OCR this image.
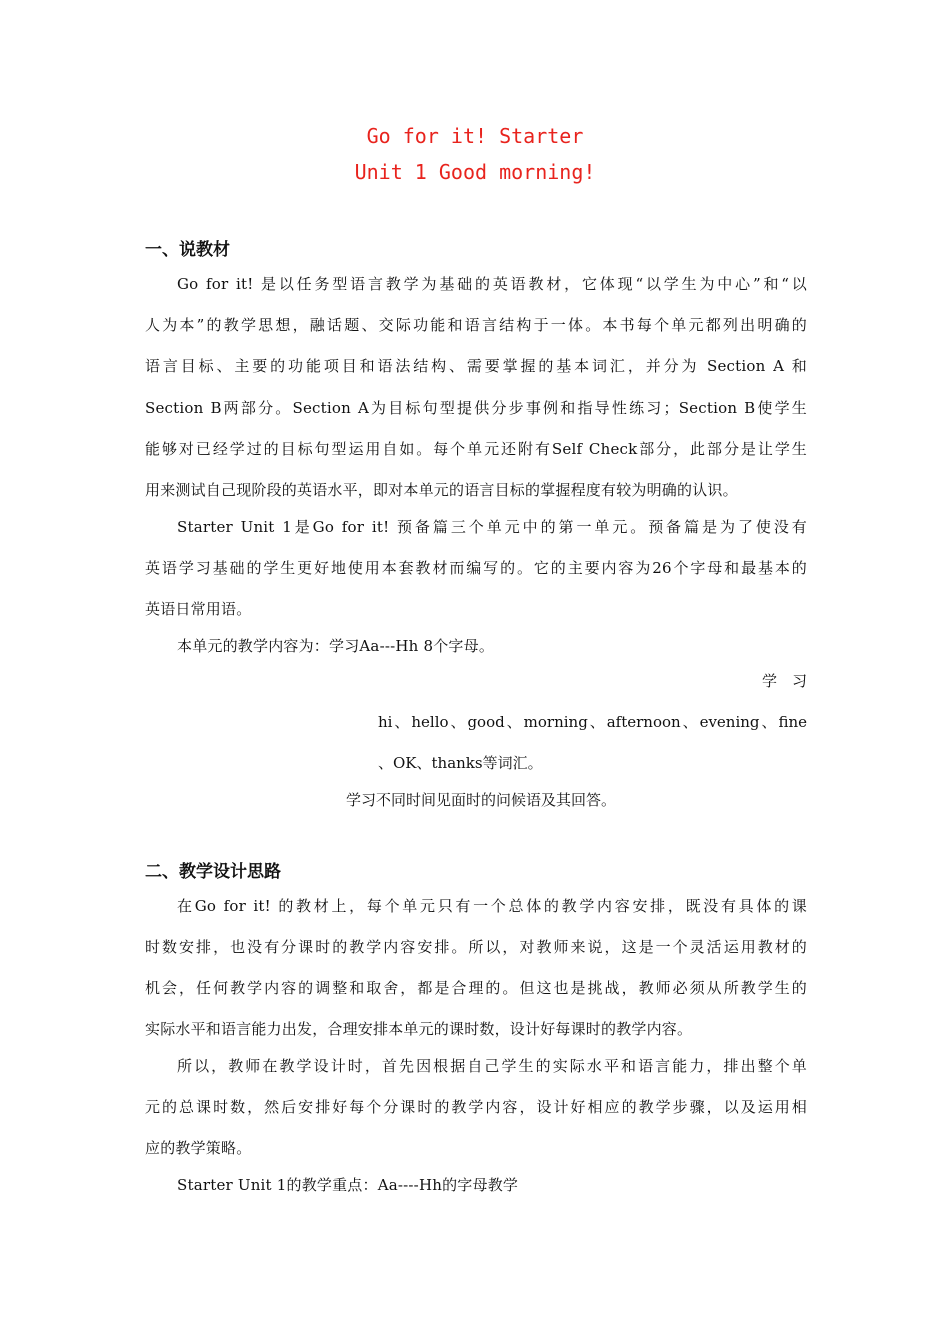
Go for it! Starter
Unit 1 Good morning!
一、说教材
Go for it! 是以任务型语言教学为基础的英语教材，它体现“以学生为中心”和“以
人为本”的教学思想，融话题、交际功能和语言结构于一体。本书每个单元都列出明确的
语言目标、主要的功能项目和语法结构、需要掌握的基本词汇，并分为 Section A 和
Section B两部分。Section A为目标句型提供分步事例和指导性练习；Section B使学生
能够对已经学过的目标句型运用自如。每个单元还附有Self Check部分，此部分是让学生
用来测试自己现阶段的英语水平，即对本单元的语言目标的掌握程度有较为明确的认识。
Starter Unit 1是Go for it! 预备篇三个单元中的第一单元。预备篇是为了使没有
英语学习基础的学生更好地使用本套教材而编写的。它的主要内容为26个字母和最基本的
英语日常用语。
本单元的教学内容为：学习Aa---Hh 8个字母。
学　习
hi、hello、good、morning、afternoon、evening、fine
、OK、thanks等词汇。
学习不同时间见面时的问候语及其回答。
二、教学设计思路
在Go for it! 的教材上，每个单元只有一个总体的教学内容安排，既没有具体的课
时数安排，也没有分课时的教学内容安排。所以，对教师来说，这是一个灵活运用教材的
机会，任何教学内容的调整和取舍，都是合理的。但这也是挑战，教师必须从所教学生的
实际水平和语言能力出发，合理安排本单元的课时数，设计好每课时的教学内容。
所以，教师在教学设计时，首先因根据自己学生的实际水平和语言能力，排出整个单
元的总课时数，然后安排好每个分课时的教学内容，设计好相应的教学步骤，以及运用相
应的教学策略。
Starter Unit 1的教学重点：Aa----Hh的字母教学
